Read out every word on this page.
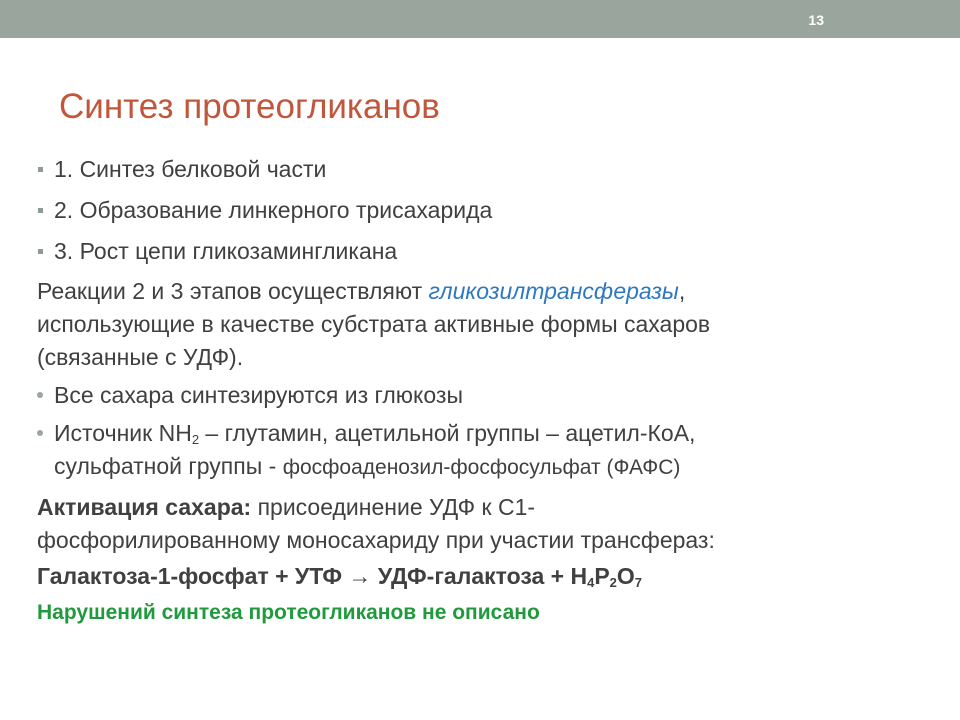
13
Синтез протеогликанов
1. Синтез белковой части
2. Образование линкерного трисахарида
3. Рост цепи гликозамингликана
Реакции 2 и 3 этапов осуществляют гликозилтрансферазы,
использующие в качестве субстрата активные формы сахаров
(связанные с УДФ).
Все сахара синтезируются из глюкозы
Источник $NH_2$ – глутамин, ацетильной группы – ацетил-КоА,
сульфатной группы - фосфоаденозил-фосфосульфат (ФАФС)
Активация сахара: присоединение УДФ к С1-
фосфорилированному моносахариду при участии трансфераз:
Галактоза-1-фосфат + УТФ → УДФ-галактоза + $Н_4Р_2О_7$
Нарушений синтеза протеогликанов не описано
